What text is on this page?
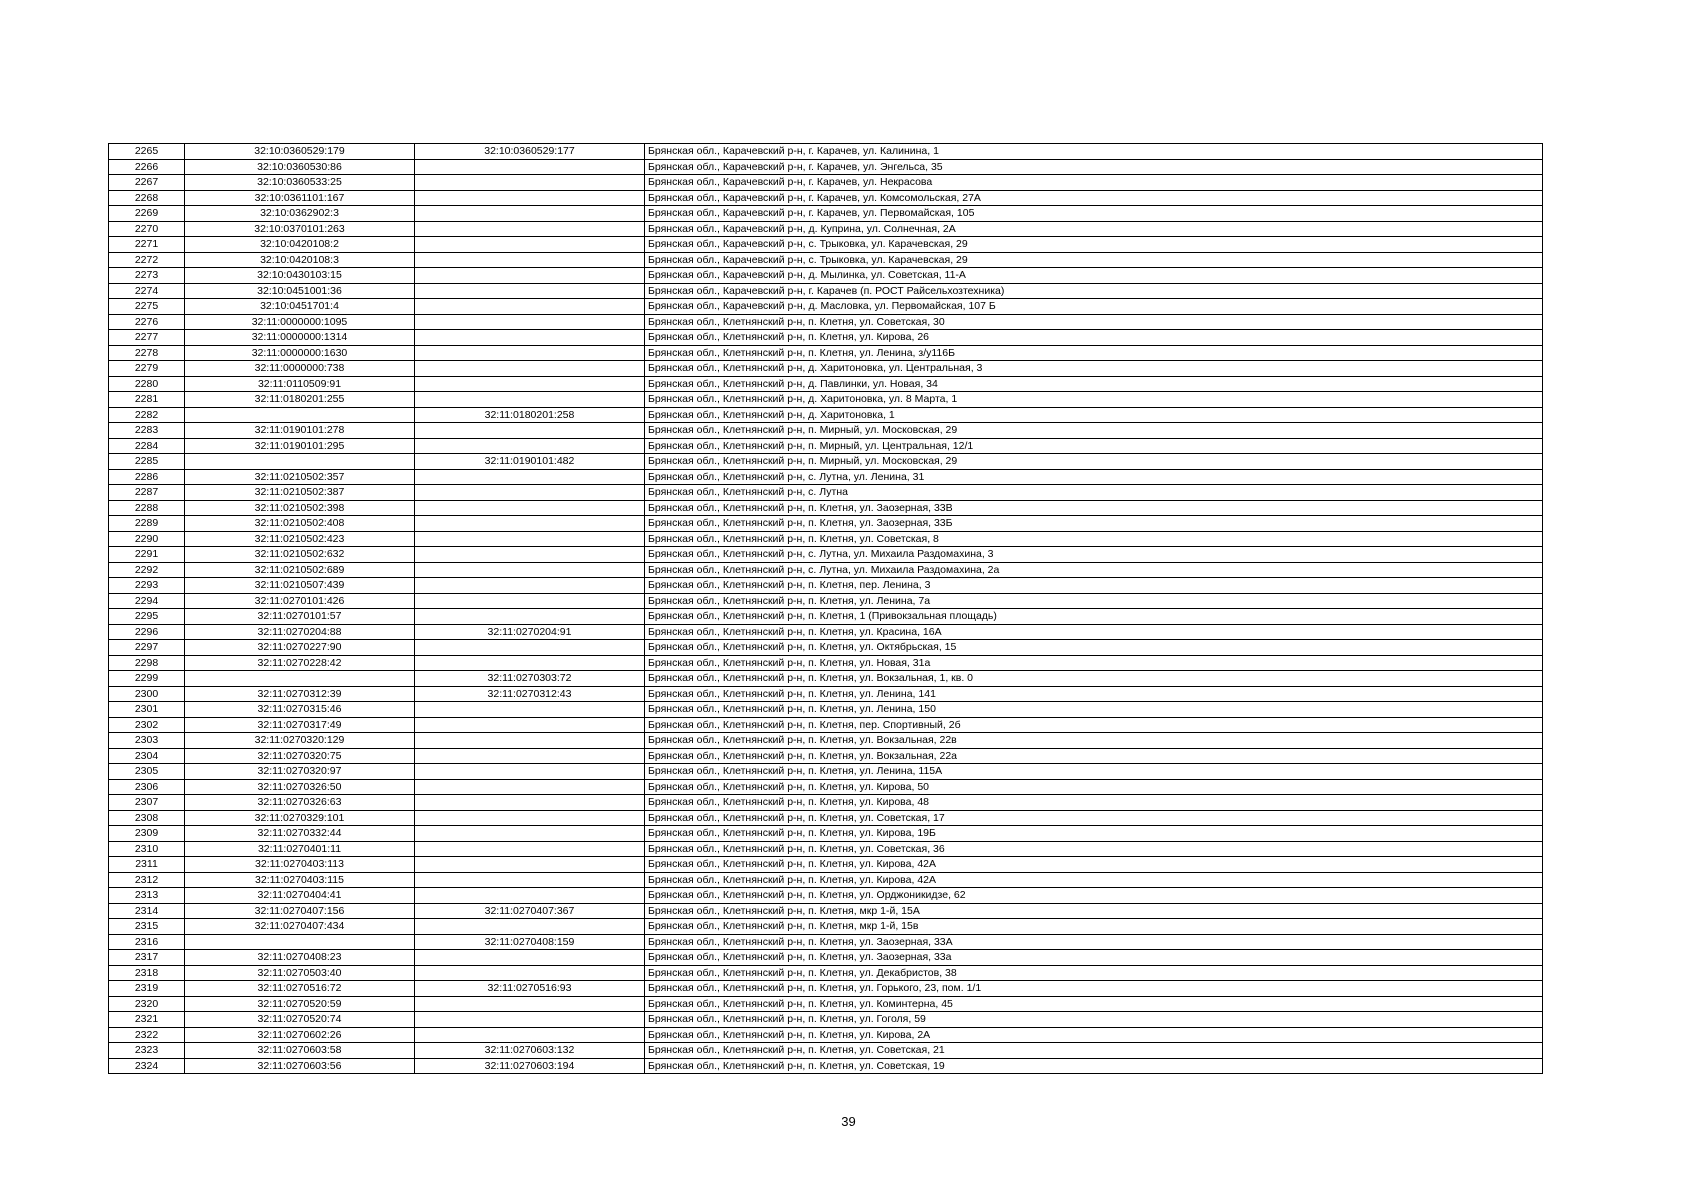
2265	32:10:0360529:179	32:10:0360529:177	Брянская обл., Карачевский р-н, г. Карачев, ул. Калинина, 1
2266	32:10:0360530:86		Брянская обл., Карачевский р-н, г. Карачев, ул. Энгельса, 35
2267	32:10:0360533:25		Брянская обл., Карачевский р-н, г. Карачев, ул. Некрасова
2268	32:10:0361101:167		Брянская обл., Карачевский р-н, г. Карачев, ул. Комсомольская, 27А
2269	32:10:0362902:3		Брянская обл., Карачевский р-н, г. Карачев, ул. Первомайская, 105
2270	32:10:0370101:263		Брянская обл., Карачевский р-н, д. Куприна, ул. Солнечная, 2А
2271	32:10:0420108:2		Брянская обл., Карачевский р-н, с. Трыковка, ул. Карачевская, 29
2272	32:10:0420108:3		Брянская обл., Карачевский р-н, с. Трыковка, ул. Карачевская, 29
2273	32:10:0430103:15		Брянская обл., Карачевский р-н, д. Мылинка, ул. Советская, 11-А
2274	32:10:0451001:36		Брянская обл., Карачевский р-н, г. Карачев (п. РОСТ Райсельхозтехника)
2275	32:10:0451701:4		Брянская обл., Карачевский р-н, д. Масловка, ул. Первомайская, 107 Б
2276	32:11:0000000:1095		Брянская обл., Клетнянский р-н, п. Клетня, ул. Советская, 30
2277	32:11:0000000:1314		Брянская обл., Клетнянский р-н, п. Клетня, ул. Кирова, 26
2278	32:11:0000000:1630		Брянская обл., Клетнянский р-н, п. Клетня, ул. Ленина, з/у116Б
2279	32:11:0000000:738		Брянская обл., Клетнянский р-н, д. Харитоновка, ул. Центральная, 3
2280	32:11:0110509:91		Брянская обл., Клетнянский р-н, д. Павлинки, ул. Новая, 34
2281	32:11:0180201:255		Брянская обл., Клетнянский р-н, д. Харитоновка, ул. 8 Марта, 1
2282		32:11:0180201:258	Брянская обл., Клетнянский р-н, д. Харитоновка, 1
2283	32:11:0190101:278		Брянская обл., Клетнянский р-н, п. Мирный, ул. Московская, 29
2284	32:11:0190101:295		Брянская обл., Клетнянский р-н, п. Мирный, ул. Центральная, 12/1
2285		32:11:0190101:482	Брянская обл., Клетнянский р-н, п. Мирный, ул. Московская, 29
2286	32:11:0210502:357		Брянская обл., Клетнянский р-н, с. Лутна, ул. Ленина, 31
2287	32:11:0210502:387		Брянская обл., Клетнянский р-н, с. Лутна
2288	32:11:0210502:398		Брянская обл., Клетнянский р-н, п. Клетня, ул. Заозерная, 33В
2289	32:11:0210502:408		Брянская обл., Клетнянский р-н, п. Клетня, ул. Заозерная, 33Б
2290	32:11:0210502:423		Брянская обл., Клетнянский р-н, п. Клетня, ул. Советская, 8
2291	32:11:0210502:632		Брянская обл., Клетнянский р-н, с. Лутна, ул. Михаила Раздомахина, 3
2292	32:11:0210502:689		Брянская обл., Клетнянский р-н, с. Лутна, ул. Михаила Раздомахина, 2а
2293	32:11:0210507:439		Брянская обл., Клетнянский р-н, п. Клетня, пер. Ленина, 3
2294	32:11:0270101:426		Брянская обл., Клетнянский р-н, п. Клетня, ул. Ленина, 7а
2295	32:11:0270101:57		Брянская обл., Клетнянский р-н, п. Клетня, 1 (Привокзальная площадь)
2296	32:11:0270204:88	32:11:0270204:91	Брянская обл., Клетнянский р-н, п. Клетня, ул. Красина, 16А
2297	32:11:0270227:90		Брянская обл., Клетнянский р-н, п. Клетня, ул. Октябрьская, 15
2298	32:11:0270228:42		Брянская обл., Клетнянский р-н, п. Клетня, ул. Новая, 31а
2299		32:11:0270303:72	Брянская обл., Клетнянский р-н, п. Клетня, ул. Вокзальная, 1, кв. 0
2300	32:11:0270312:39	32:11:0270312:43	Брянская обл., Клетнянский р-н, п. Клетня, ул. Ленина, 141
2301	32:11:0270315:46		Брянская обл., Клетнянский р-н, п. Клетня, ул. Ленина, 150
2302	32:11:0270317:49		Брянская обл., Клетнянский р-н, п. Клетня, пер. Спортивный, 2б
2303	32:11:0270320:129		Брянская обл., Клетнянский р-н, п. Клетня, ул. Вокзальная, 22в
2304	32:11:0270320:75		Брянская обл., Клетнянский р-н, п. Клетня, ул. Вокзальная, 22а
2305	32:11:0270320:97		Брянская обл., Клетнянский р-н, п. Клетня, ул. Ленина, 115А
2306	32:11:0270326:50		Брянская обл., Клетнянский р-н, п. Клетня, ул. Кирова, 50
2307	32:11:0270326:63		Брянская обл., Клетнянский р-н, п. Клетня, ул. Кирова, 48
2308	32:11:0270329:101		Брянская обл., Клетнянский р-н, п. Клетня, ул. Советская, 17
2309	32:11:0270332:44		Брянская обл., Клетнянский р-н, п. Клетня, ул. Кирова, 19Б
2310	32:11:0270401:11		Брянская обл., Клетнянский р-н, п. Клетня, ул. Советская, 36
2311	32:11:0270403:113		Брянская обл., Клетнянский р-н, п. Клетня, ул. Кирова, 42А
2312	32:11:0270403:115		Брянская обл., Клетнянский р-н, п. Клетня, ул. Кирова, 42А
2313	32:11:0270404:41		Брянская обл., Клетнянский р-н, п. Клетня, ул. Орджоникидзе, 62
2314	32:11:0270407:156	32:11:0270407:367	Брянская обл., Клетнянский р-н, п. Клетня, мкр 1-й, 15А
2315	32:11:0270407:434		Брянская обл., Клетнянский р-н, п. Клетня, мкр 1-й, 15в
2316		32:11:0270408:159	Брянская обл., Клетнянский р-н, п. Клетня, ул. Заозерная, 33А
2317	32:11:0270408:23		Брянская обл., Клетнянский р-н, п. Клетня, ул. Заозерная, 33а
2318	32:11:0270503:40		Брянская обл., Клетнянский р-н, п. Клетня, ул. Декабристов, 38
2319	32:11:0270516:72	32:11:0270516:93	Брянская обл., Клетнянский р-н, п. Клетня, ул. Горького, 23, пом. 1/1
2320	32:11:0270520:59		Брянская обл., Клетнянский р-н, п. Клетня, ул. Коминтерна, 45
2321	32:11:0270520:74		Брянская обл., Клетнянский р-н, п. Клетня, ул. Гоголя, 59
2322	32:11:0270602:26		Брянская обл., Клетнянский р-н, п. Клетня, ул. Кирова, 2А
2323	32:11:0270603:58	32:11:0270603:132	Брянская обл., Клетнянский р-н, п. Клетня, ул. Советская, 21
2324	32:11:0270603:56	32:11:0270603:194	Брянская обл., Клетнянский р-н, п. Клетня, ул. Советская, 19
39
